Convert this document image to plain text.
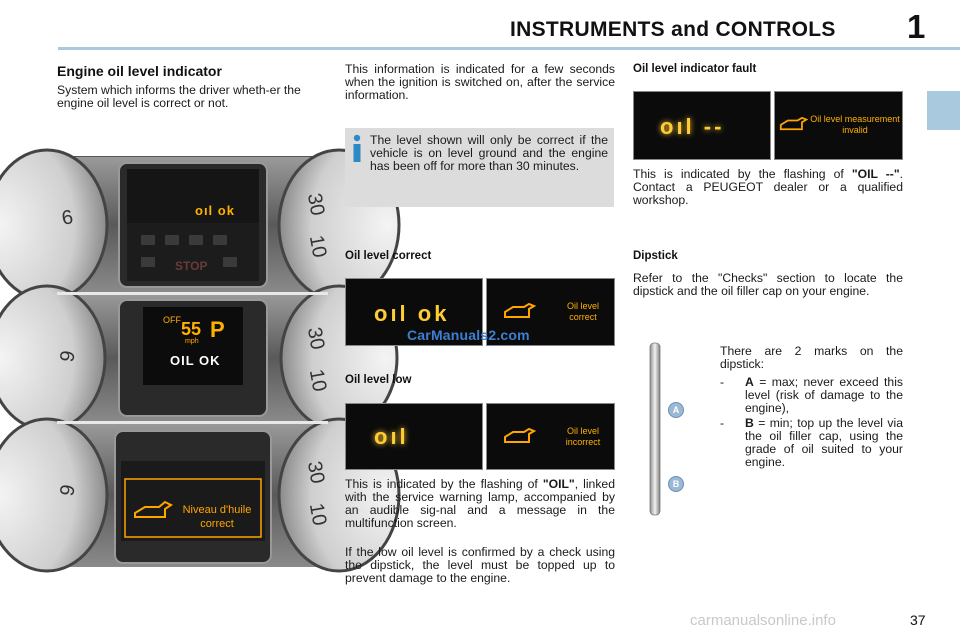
INSTRUMENTS and CONTROLS 1
Engine oil level indicator
System which informs the driver wheth-er the engine oil level is correct or not.
6
30
10
9
30
10
9
30
10
oıl ok
STOP
OFF 55
mph P
OIL OK
Niveau d'huile
correct
This information is indicated for a few seconds when the ignition is switched on, after the service information.
The level shown will only be correct if the vehicle is on level ground and the engine has been off for more than 30 minutes.
Oil level correct
oıl ok	Oil level correct
CarManuals2.com
Oil level low
oıl	Oil level incorrect
This is indicated by the flashing of "OIL", linked with the service warning lamp, accompanied by an audible sig-nal and a message in the multifunction screen.
If the low oil level is confirmed by a check using the dipstick, the level must be topped up to prevent damage to the engine.
Oil level indicator fault
oıl --	Oil level measurement invalid
This is indicated by the flashing of "OIL --". Contact a PEUGEOT dealer or a qualified workshop.
Dipstick
Refer to the "Checks" section to locate the dipstick and the oil filler cap on your engine.
A
B
There are 2 marks on the dipstick:
-	A = max; never exceed this level (risk of damage to the engine),
-	B = min; top up the level via the oil filler cap, using the grade of oil suited to your engine.
carmanualsonline.info	37
